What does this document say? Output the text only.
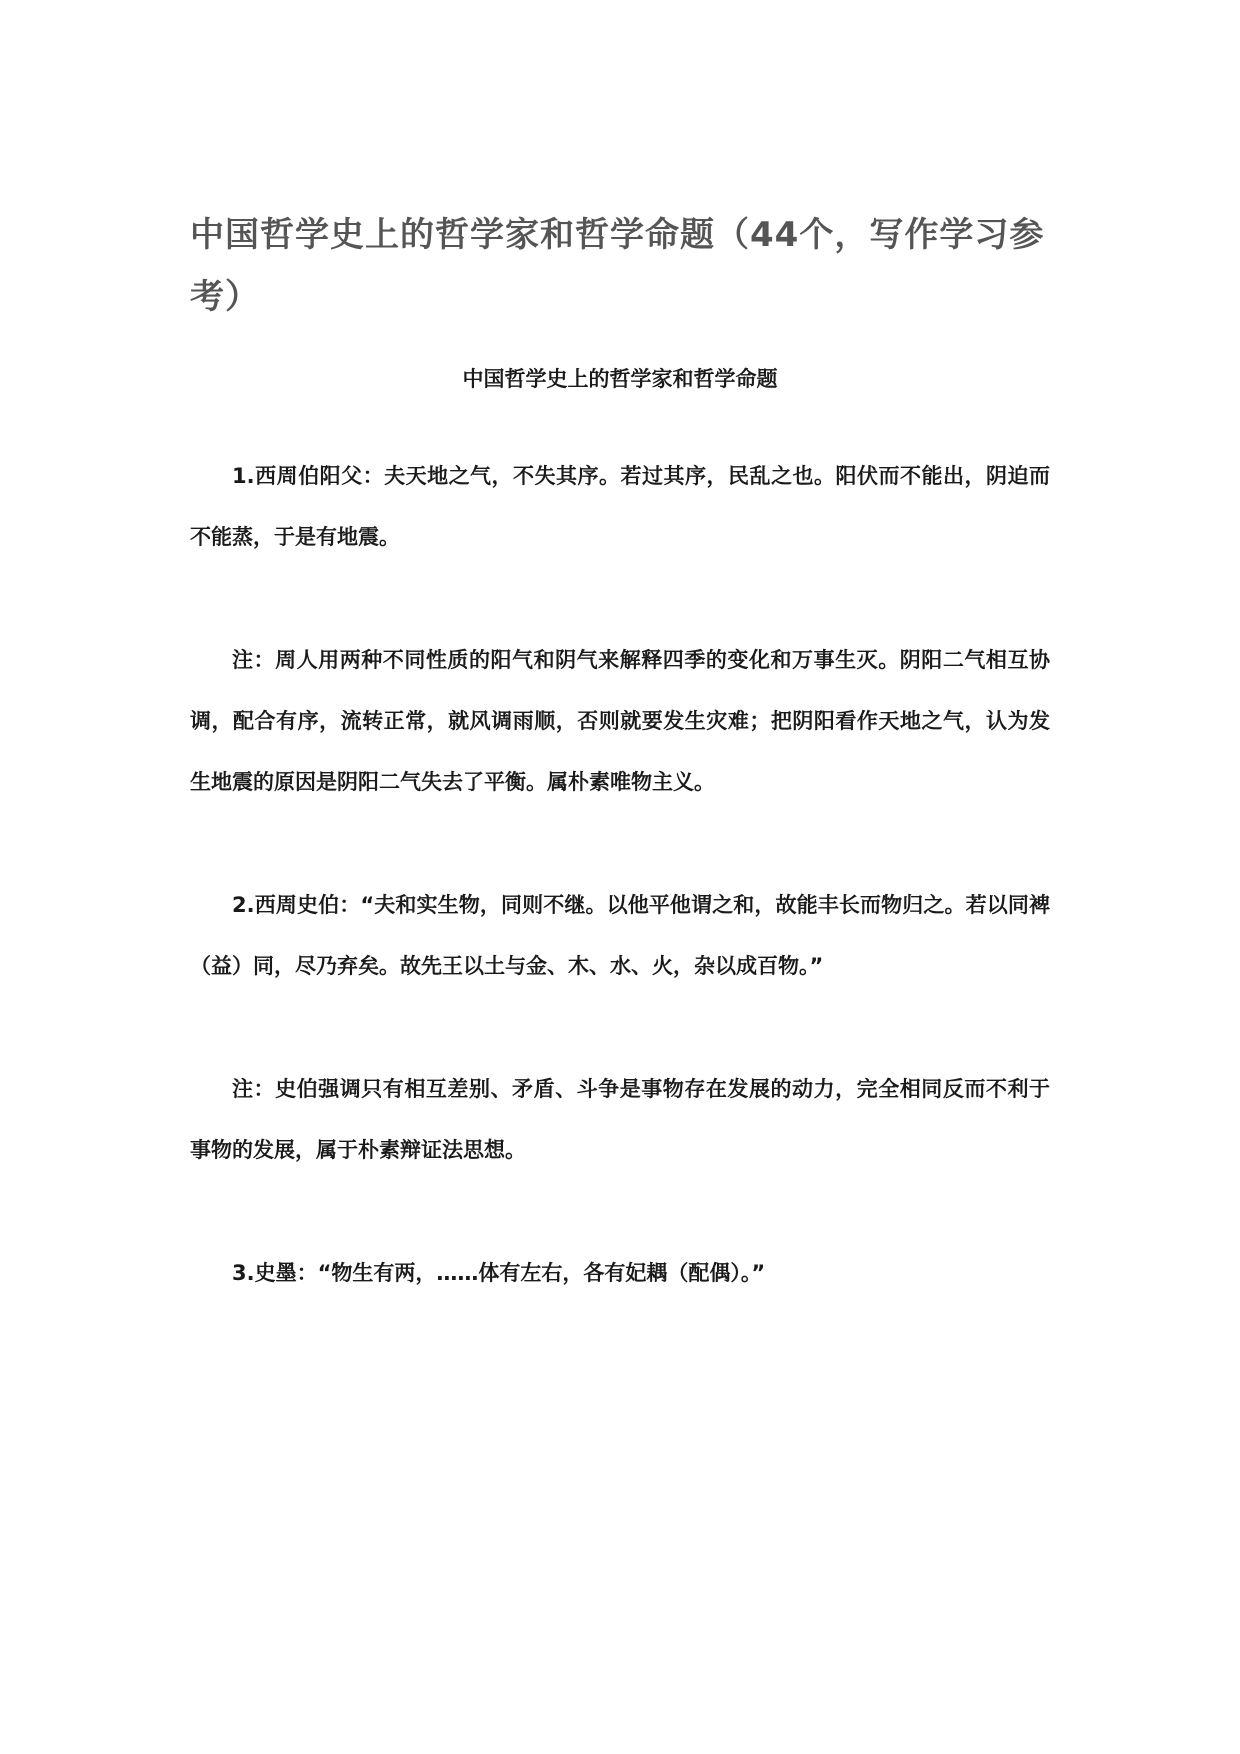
中国哲学史上的哲学家和哲学命题（44个，写作学习参考）
中国哲学史上的哲学家和哲学命题

1.西周伯阳父：夫天地之气，不失其序。若过其序，民乱之也。阳伏而不能出，阴迫而不能蒸，于是有地震。

注：周人用两种不同性质的阳气和阴气来解释四季的变化和万事生灭。阴阳二气相互协调，配合有序，流转正常，就风调雨顺，否则就要发生灾难；把阴阳看作天地之气，认为发生地震的原因是阴阳二气失去了平衡。属朴素唯物主义。

2.西周史伯：“夫和实生物，同则不继。以他平他谓之和，故能丰长而物归之。若以同裨（益）同，尽乃弃矣。故先王以土与金、木、水、火，杂以成百物。”

注：史伯强调只有相互差别、矛盾、斗争是事物存在发展的动力，完全相同反而不利于事物的发展，属于朴素辩证法思想。

3.史墨：“物生有两，……体有左右，各有妃耦（配偶）。”
